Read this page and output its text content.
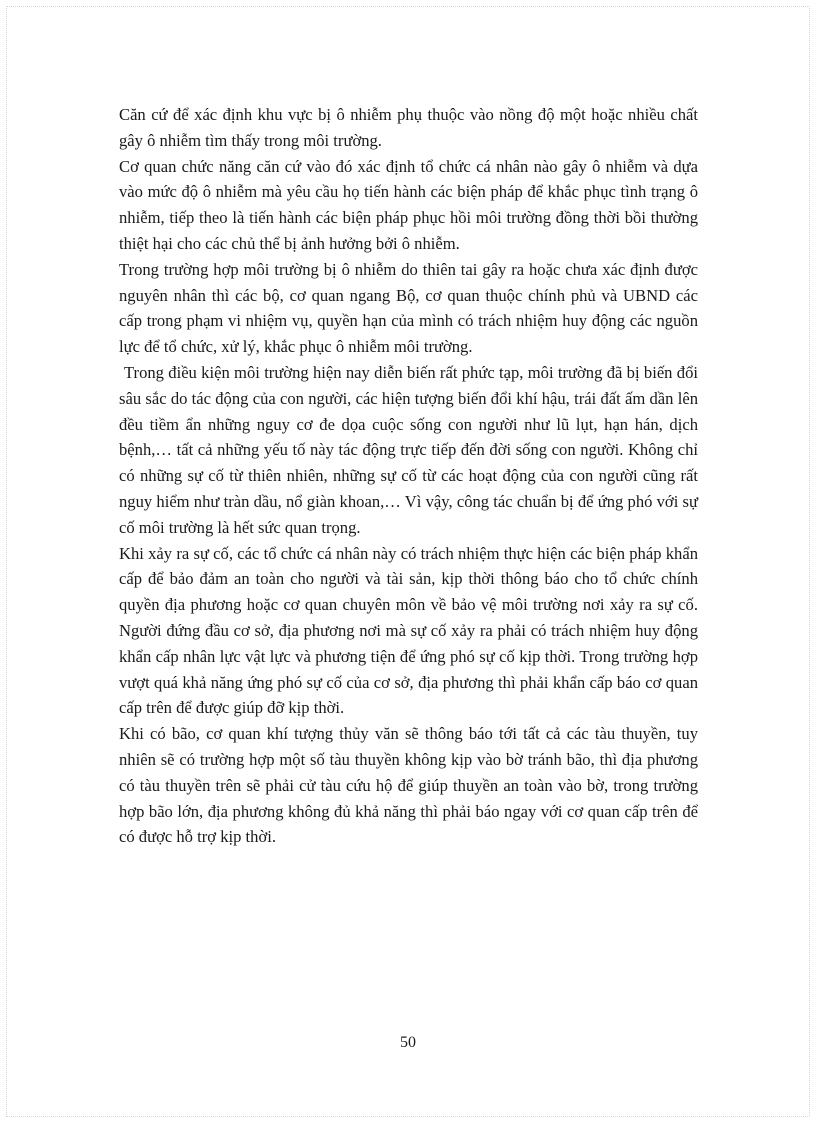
Căn cứ để xác định khu vực bị ô nhiễm phụ thuộc vào nồng độ một hoặc nhiều chất gây ô nhiễm tìm thấy trong môi trường.

Cơ quan chức năng căn cứ vào đó xác định tổ chức cá nhân nào gây ô nhiễm và dựa vào mức độ ô nhiễm mà yêu cầu họ tiến hành các biện pháp để khắc phục tình trạng ô nhiễm, tiếp theo là tiến hành các biện pháp phục hồi môi trường đồng thời bồi thường thiệt hại cho các chủ thể bị ảnh hưởng bởi ô nhiễm.

Trong trường hợp môi trường bị ô nhiễm do thiên tai gây ra hoặc chưa xác định được nguyên nhân thì các bộ, cơ quan ngang Bộ, cơ quan thuộc chính phủ và UBND các cấp trong phạm vi nhiệm vụ, quyền hạn của mình có trách nhiệm huy động các nguồn lực để tổ chức, xử lý, khắc phục ô nhiễm môi trường.

Trong điều kiện môi trường hiện nay diễn biến rất phức tạp, môi trường đã bị biến đổi sâu sắc do tác động của con người, các hiện tượng biến đổi khí hậu, trái đất ấm dần lên đều tiềm ẩn những nguy cơ đe dọa cuộc sống con người như lũ lụt, hạn hán, dịch bệnh,… tất cả những yếu tố này tác động trực tiếp đến đời sống con người. Không chỉ có những sự cố từ thiên nhiên, những sự cố từ các hoạt động của con người cũng rất nguy hiểm như tràn dầu, nổ giàn khoan,… Vì vậy, công tác chuẩn bị để ứng phó với sự cố môi trường là hết sức quan trọng.

Khi xảy ra sự cố, các tổ chức cá nhân này có trách nhiệm thực hiện các biện pháp khẩn cấp để bảo đảm an toàn cho người và tài sản, kịp thời thông báo cho tổ chức chính quyền địa phương hoặc cơ quan chuyên môn về bảo vệ môi trường nơi xảy ra sự cố. Người đứng đầu cơ sở, địa phương nơi mà sự cố xảy ra phải có trách nhiệm huy động khẩn cấp nhân lực vật lực và phương tiện để ứng phó sự cố kịp thời. Trong trường hợp vượt quá khả năng ứng phó sự cố của cơ sở, địa phương thì phải khẩn cấp báo cơ quan cấp trên để được giúp đỡ kịp thời.

Khi có bão, cơ quan khí tượng thủy văn sẽ thông báo tới tất cả các tàu thuyền, tuy nhiên sẽ có trường hợp một số tàu thuyền không kịp vào bờ tránh bão, thì địa phương có tàu thuyền trên sẽ phải cử tàu cứu hộ để giúp thuyền an toàn vào bờ, trong trường hợp bão lớn, địa phương không đủ khả năng thì phải báo ngay với cơ quan cấp trên để có được hỗ trợ kịp thời.

50
